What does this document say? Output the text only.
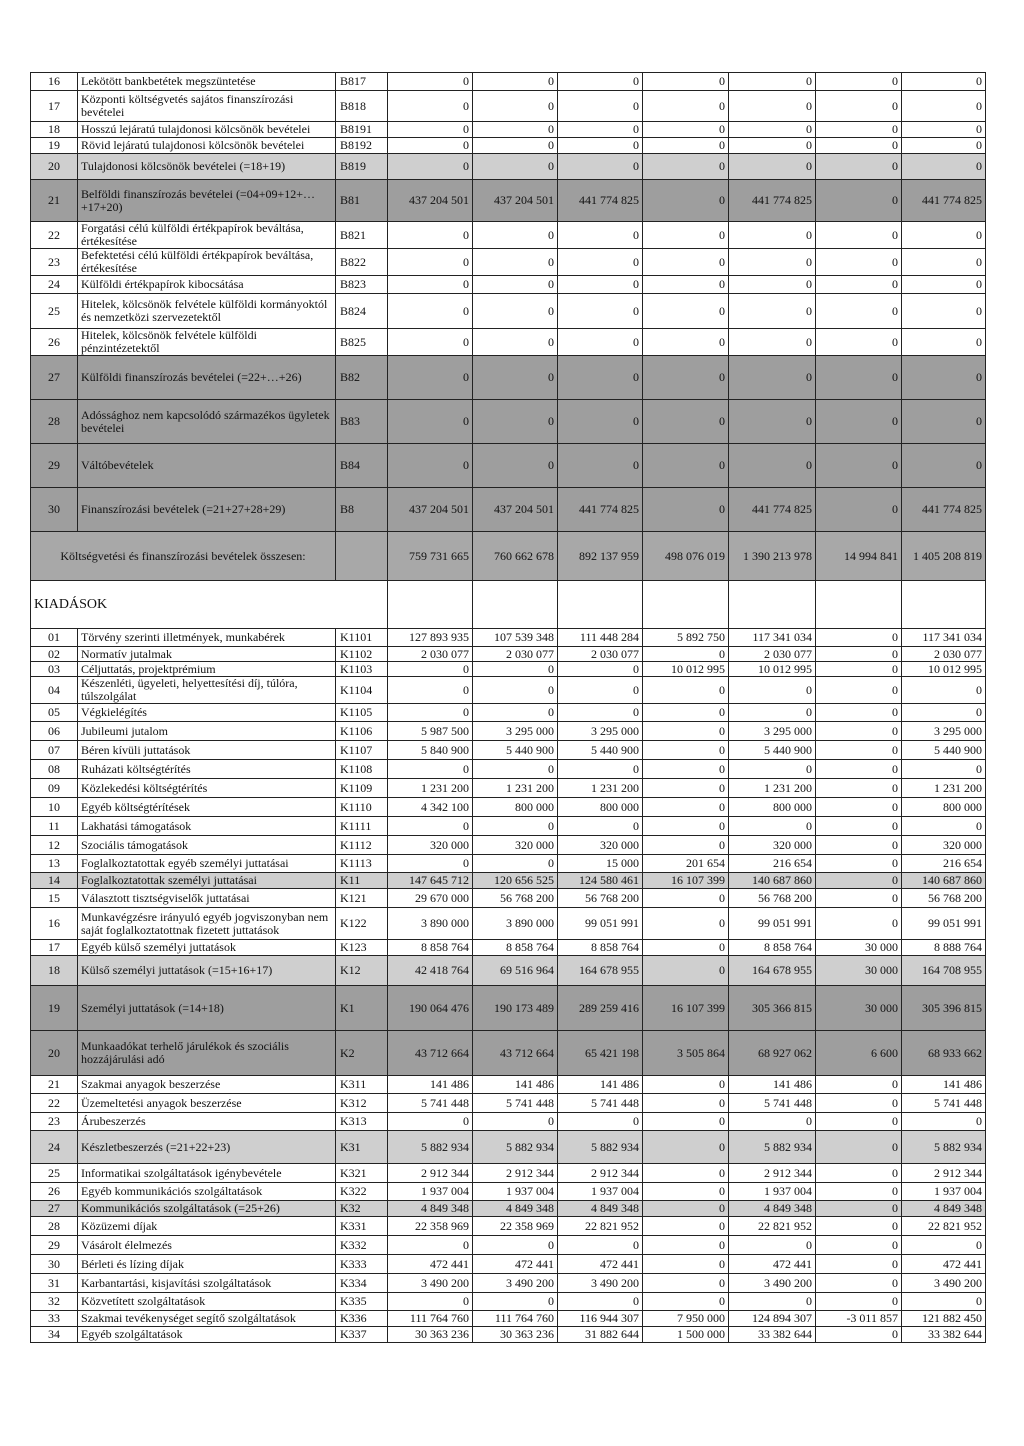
16	Lekötött bankbetétek megszüntetése	B817	0	0	0	0	0	0	0
17	Központi költségvetés sajátos finanszírozási bevételei	B818	0	0	0	0	0	0	0
18	Hosszú lejáratú tulajdonosi kölcsönök bevételei	B8191	0	0	0	0	0	0	0
19	Rövid lejáratú tulajdonosi kölcsönök bevételei	B8192	0	0	0	0	0	0	0
20	Tulajdonosi kölcsönök bevételei (=18+19)	B819	0	0	0	0	0	0	0
21	Belföldi finanszírozás bevételei (=04+09+12+…+17+20)	B81	437 204 501	437 204 501	441 774 825	0	441 774 825	0	441 774 825
22	Forgatási célú külföldi értékpapírok beváltása, értékesítése	B821	0	0	0	0	0	0	0
23	Befektetési célú külföldi értékpapírok beváltása, értékesítése	B822	0	0	0	0	0	0	0
24	Külföldi értékpapírok kibocsátása	B823	0	0	0	0	0	0	0
25	Hitelek, kölcsönök felvétele külföldi kormányoktól és nemzetközi szervezetektől	B824	0	0	0	0	0	0	0
26	Hitelek, kölcsönök felvétele külföldi pénzintézetektől	B825	0	0	0	0	0	0	0
27	Külföldi finanszírozás bevételei (=22+…+26)	B82	0	0	0	0	0	0	0
28	Adóssághoz nem kapcsolódó származékos ügyletek bevételei	B83	0	0	0	0	0	0	0
29	Váltóbevételek	B84	0	0	0	0	0	0	0
30	Finanszírozási bevételek (=21+27+28+29)	B8	437 204 501	437 204 501	441 774 825	0	441 774 825	0	441 774 825
Költségvetési és finanszírozási bevételek összesen:			759 731 665	760 662 678	892 137 959	498 076 019	1 390 213 978	14 994 841	1 405 208 819
KIADÁSOK									
01	Törvény szerinti illetmények, munkabérek	K1101	127 893 935	107 539 348	111 448 284	5 892 750	117 341 034	0	117 341 034
02	Normatív jutalmak	K1102	2 030 077	2 030 077	2 030 077	0	2 030 077	0	2 030 077
03	Céljuttatás, projektprémium	K1103	0	0	0	10 012 995	10 012 995	0	10 012 995
04	Készenléti, ügyeleti, helyettesítési díj, túlóra, túlszolgálat	K1104	0	0	0	0	0	0	0
05	Végkielégítés	K1105	0	0	0	0	0	0	0
06	Jubileumi jutalom	K1106	5 987 500	3 295 000	3 295 000	0	3 295 000	0	3 295 000
07	Béren kívüli juttatások	K1107	5 840 900	5 440 900	5 440 900	0	5 440 900	0	5 440 900
08	Ruházati költségtérítés	K1108	0	0	0	0	0	0	0
09	Közlekedési költségtérítés	K1109	1 231 200	1 231 200	1 231 200	0	1 231 200	0	1 231 200
10	Egyéb költségtérítések	K1110	4 342 100	800 000	800 000	0	800 000	0	800 000
11	Lakhatási támogatások	K1111	0	0	0	0	0	0	0
12	Szociális támogatások	K1112	320 000	320 000	320 000	0	320 000	0	320 000
13	Foglalkoztatottak egyéb személyi juttatásai	K1113	0	0	15 000	201 654	216 654	0	216 654
14	Foglalkoztatottak személyi juttatásai	K11	147 645 712	120 656 525	124 580 461	16 107 399	140 687 860	0	140 687 860
15	Választott tisztségviselők juttatásai	K121	29 670 000	56 768 200	56 768 200	0	56 768 200	0	56 768 200
16	Munkavégzésre irányuló egyéb jogviszonyban nem saját foglalkoztatottnak fizetett juttatások	K122	3 890 000	3 890 000	99 051 991	0	99 051 991	0	99 051 991
17	Egyéb külső személyi juttatások	K123	8 858 764	8 858 764	8 858 764	0	8 858 764	30 000	8 888 764
18	Külső személyi juttatások (=15+16+17)	K12	42 418 764	69 516 964	164 678 955	0	164 678 955	30 000	164 708 955
19	Személyi juttatások (=14+18)	K1	190 064 476	190 173 489	289 259 416	16 107 399	305 366 815	30 000	305 396 815
20	Munkaadókat terhelő járulékok és szociális hozzájárulási adó	K2	43 712 664	43 712 664	65 421 198	3 505 864	68 927 062	6 600	68 933 662
21	Szakmai anyagok beszerzése	K311	141 486	141 486	141 486	0	141 486	0	141 486
22	Üzemeltetési anyagok beszerzése	K312	5 741 448	5 741 448	5 741 448	0	5 741 448	0	5 741 448
23	Árubeszerzés	K313	0	0	0	0	0	0	0
24	Készletbeszerzés (=21+22+23)	K31	5 882 934	5 882 934	5 882 934	0	5 882 934	0	5 882 934
25	Informatikai szolgáltatások igénybevétele	K321	2 912 344	2 912 344	2 912 344	0	2 912 344	0	2 912 344
26	Egyéb kommunikációs szolgáltatások	K322	1 937 004	1 937 004	1 937 004	0	1 937 004	0	1 937 004
27	Kommunikációs szolgáltatások (=25+26)	K32	4 849 348	4 849 348	4 849 348	0	4 849 348	0	4 849 348
28	Közüzemi díjak	K331	22 358 969	22 358 969	22 821 952	0	22 821 952	0	22 821 952
29	Vásárolt élelmezés	K332	0	0	0	0	0	0	0
30	Bérleti és lízing díjak	K333	472 441	472 441	472 441	0	472 441	0	472 441
31	Karbantartási, kisjavítási szolgáltatások	K334	3 490 200	3 490 200	3 490 200	0	3 490 200	0	3 490 200
32	Közvetített szolgáltatások	K335	0	0	0	0	0	0	0
33	Szakmai tevékenységet segítő szolgáltatások	K336	111 764 760	111 764 760	116 944 307	7 950 000	124 894 307	-3 011 857	121 882 450
34	Egyéb szolgáltatások	K337	30 363 236	30 363 236	31 882 644	1 500 000	33 382 644	0	33 382 644
